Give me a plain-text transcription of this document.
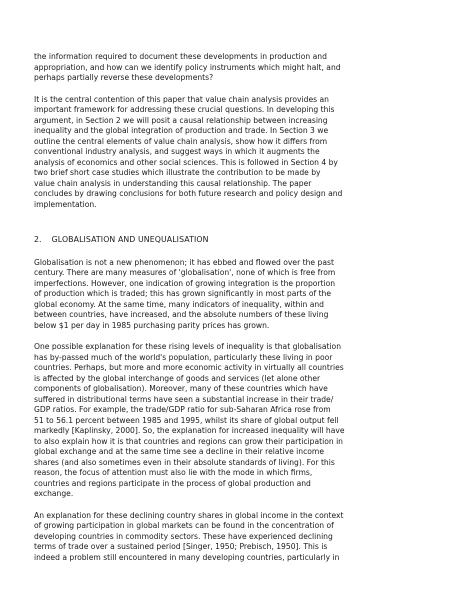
the information required to document these developments in production and
appropriation, and how can we identify policy instruments which might halt, and
perhaps partially reverse these developments?
It is the central contention of this paper that value chain analysis provides an
important framework for addressing these crucial questions. In developing this
argument, in Section 2 we will posit a causal relationship between increasing
inequality and the global integration of production and trade. In Section 3 we
outline the central elements of value chain analysis, show how it differs from
conventional industry analysis, and suggest ways in which it augments the
analysis of economics and other social sciences. This is followed in Section 4 by
two brief short case studies which illustrate the contribution to be made by
value chain analysis in understanding this causal relationship. The paper
concludes by drawing conclusions for both future research and policy design and
implementation.
2. GLOBALISATION AND UNEQUALISATION
Globalisation is not a new phenomenon; it has ebbed and flowed over the past
century. There are many measures of 'globalisation', none of which is free from
imperfections. However, one indication of growing integration is the proportion
of production which is traded; this has grown significantly in most parts of the
global economy. At the same time, many indicators of inequality, within and
between countries, have increased, and the absolute numbers of these living
below $1 per day in 1985 purchasing parity prices has grown.
One possible explanation for these rising levels of inequality is that globalisation
has by-passed much of the world's population, particularly these living in poor
countries. Perhaps, but more and more economic activity in virtually all countries
is affected by the global interchange of goods and services (let alone other
components of globalisation). Moreover, many of these countries which have
suffered in distributional terms have seen a substantial increase in their trade/
GDP ratios. For example, the trade/GDP ratio for sub-Saharan Africa rose from
51 to 56.1 percent between 1985 and 1995, whilst its share of global output fell
markedly [Kaplinsky, 2000]. So, the explanation for increased inequality will have
to also explain how it is that countries and regions can grow their participation in
global exchange and at the same time see a decline in their relative income
shares (and also sometimes even in their absolute standards of living). For this
reason, the focus of attention must also lie with the mode in which firms,
countries and regions participate in the process of global production and
exchange.
An explanation for these declining country shares in global income in the context
of growing participation in global markets can be found in the concentration of
developing countries in commodity sectors. These have experienced declining
terms of trade over a sustained period [Singer, 1950; Prebisch, 1950]. This is
indeed a problem still encountered in many developing countries, particularly in
